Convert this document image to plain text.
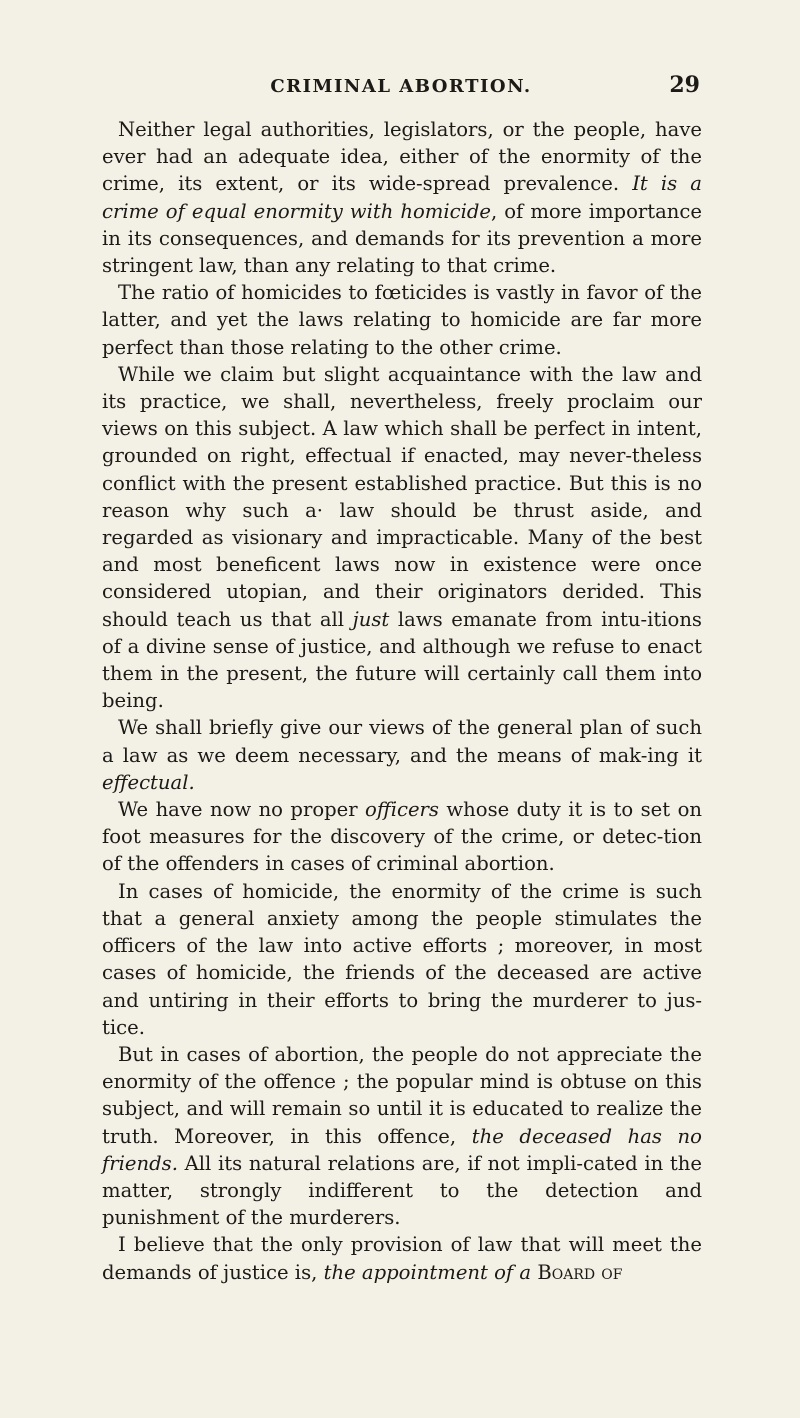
CRIMINAL ABORTION.	29

Neither legal authorities, legislators, or the people, have ever had an adequate idea, either of the enormity of the crime, its extent, or its wide-spread prevalence. It is a crime of equal enormity with homicide, of more importance in its consequences, and demands for its prevention a more stringent law, than any relating to that crime.

The ratio of homicides to fœticides is vastly in favor of the latter, and yet the laws relating to homicide are far more perfect than those relating to the other crime.

While we claim but slight acquaintance with the law and its practice, we shall, nevertheless, freely proclaim our views on this subject. A law which shall be perfect in intent, grounded on right, effectual if enacted, may never-theless conflict with the present established practice. But this is no reason why such a· law should be thrust aside, and regarded as visionary and impracticable. Many of the best and most beneficent laws now in existence were once considered utopian, and their originators derided. This should teach us that all just laws emanate from intu-itions of a divine sense of justice, and although we refuse to enact them in the present, the future will certainly call them into being.

We shall briefly give our views of the general plan of such a law as we deem necessary, and the means of mak-ing it effectual.

We have now no proper officers whose duty it is to set on foot measures for the discovery of the crime, or detec-tion of the offenders in cases of criminal abortion.

In cases of homicide, the enormity of the crime is such that a general anxiety among the people stimulates the officers of the law into active efforts ; moreover, in most cases of homicide, the friends of the deceased are active and untiring in their efforts to bring the murderer to jus-tice.

But in cases of abortion, the people do not appreciate the enormity of the offence ; the popular mind is obtuse on this subject, and will remain so until it is educated to realize the truth. Moreover, in this offence, the deceased has no friends. All its natural relations are, if not impli-cated in the matter, strongly indifferent to the detection and punishment of the murderers.

I believe that the only provision of law that will meet the demands of justice is, the appointment of a Board of
